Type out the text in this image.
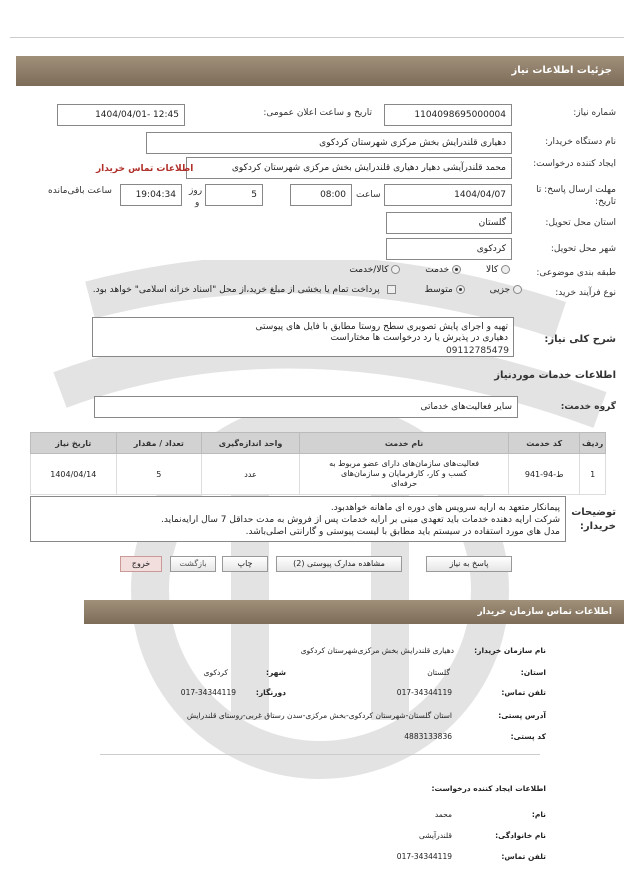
جزئیات اطلاعات نیاز
شماره نیاز:
1104098695000004
تاریخ و ساعت اعلان عمومی:
1404/04/01- 12:45
نام دستگاه خریدار:
دهیاری قلندرایش بخش مرکزی شهرستان کردکوی
ایجاد کننده درخواست:
محمد قلندرآیشی دهیار دهیاری قلندرایش بخش مرکزی شهرستان کردکوی
اطلاعات تماس خریدار
مهلت ارسال پاسخ: تا تاریخ:
1404/04/07
ساعت
08:00
5
روز
و
19:04:34
ساعت باقی‌مانده
استان محل تحویل:
گلستان
شهر محل تحویل:
کردکوی
طبقه بندی موضوعی:
کالا  خدمت  کالا/خدمت
نوع فرآیند خرید:
جزیی  متوسط  پرداخت تمام یا بخشی از مبلغ خرید،از محل "اسناد خزانه اسلامی" خواهد بود.
شرح کلی نیاز:
تهیه و اجرای پایش تصویری سطح روستا مطابق با فایل های پیوستی
دهیاری در پذیرش یا رد درخواست ها مختاراست
09112785479
اطلاعات خدمات مورد‌نیاز
گروه خدمت:
سایر فعالیت‌های خدماتی
ردیف	کد خدمت	نام خدمت	واحد اندازه‌گیری	تعداد / مقدار	تاریخ نیاز
1	ط-94-941	فعالیت‌های سازمان‌های دارای عضو مربوط به
کسب و کار، کارفرمایان و سازمان‌های
حرفه‌ای	عدد	5	1404/04/14
توضیحات خریدار:
پیمانکار متعهد به ارایه سرویس های دوره ای ماهانه خواهدبود.
شرکت ارایه دهنده خدمات باید تعهدی مبنی بر ارایه خدمات پس از فروش به مدت حداقل 7 سال ارایه‌نماید.
مدل های مورد استفاده در سیستم باید مطابق با لیست پیوستی و گارانتی اصلی‌باشد.
پاسخ به نیاز
مشاهده مدارک پیوستی (2)
چاپ
بازگشت
خروج
اطلاعات تماس سازمان خریدار
نام سازمان خریدار:
دهیاری قلندرایش بخش مرکزی‌شهرستان کردکوی
استان:
گلستان
شهر:
کردکوی
تلفن تماس:
017-34344119
دورنگار:
017-34344119
آدرس پستی:
استان گلستان-شهرستان کردکوی-بخش مرکزی-سدن رستاق غربی-روستای قلندرایش
کد پستی:
4883133836
اطلاعات ایجاد کننده درخواست:
نام:
محمد
نام خانوادگی:
قلندرآیشی
تلفن تماس:
017-34344119
